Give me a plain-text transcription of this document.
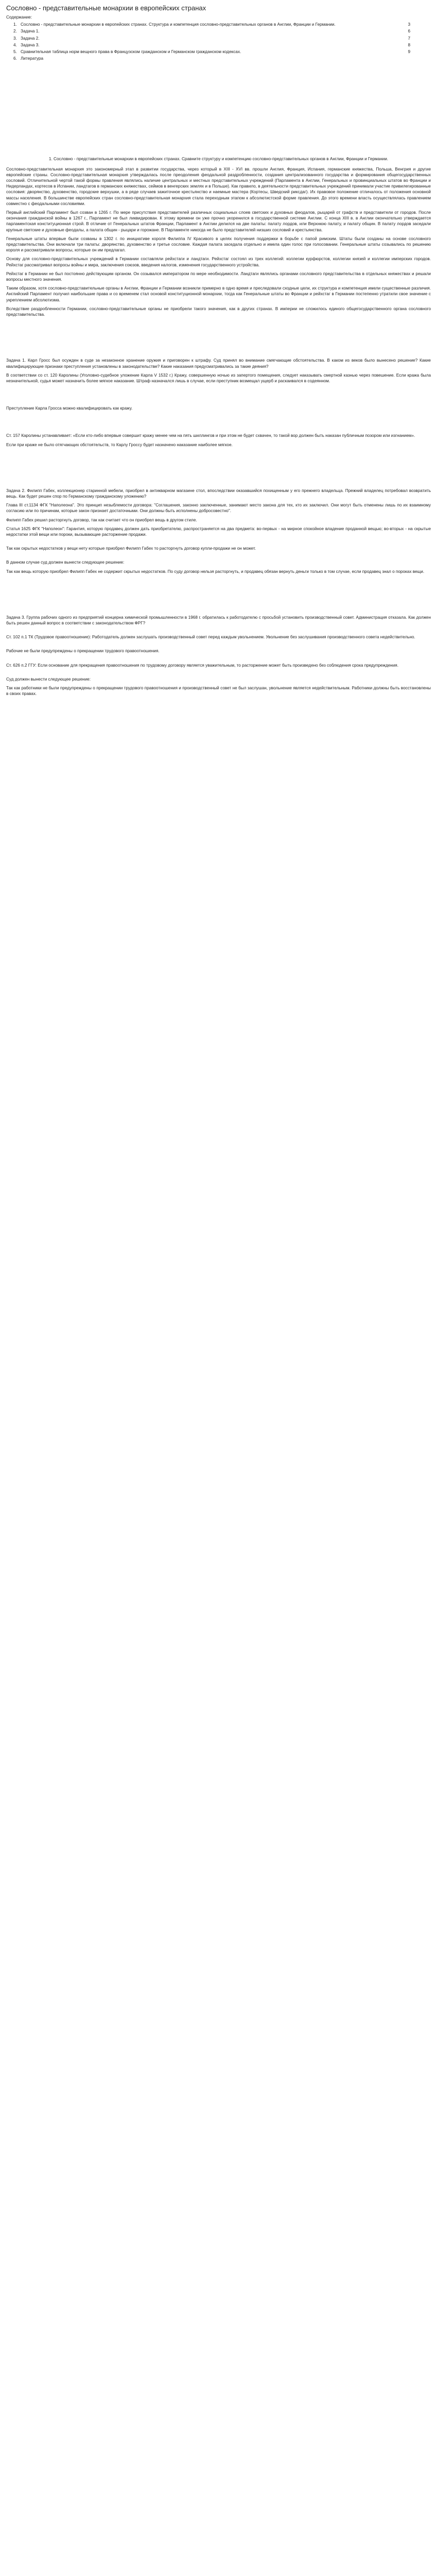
Сословно - представительные монархии в европейских странах
Содержание:
1. Сословно - представительные монархии в европейских странах. Структура и компетенция сословно-представительных органов в Англии, Франции и Германии.	3
2. Задача 1.	6
3. Задача 2.	7
4. Задача 3.	8
5. Сравнительная таблица норм вещного права в Французском гражданском и Германском гражданском кодексах.	9
6. Литература
1. Сословно - представительные монархии в европейских странах. Сравните структуру и компетенцию сословно-представительных органов в Англии, Франции и Германии.
Сословно-представительная монархия это закономерный этап в развитии государства, через который в XIII - XVI вв. прошли Англия, Франция, Испания, германские княжества, Польша, Венгрия и другие европейские страны. Сословно-представительная монархия утверждалась после преодоления феодальной раздробленности, создания централизованного государства и формирования общегосударственных сословий. Отличительной чертой такой формы правления являлись наличие центральных и местных представительных учреждений (Парламента в Англии, Генеральных и провинциальных штатов во Франции и Нидерландах, кортесов в Испании, ландтагов в германских княжествах, сеймов в венгерских землях и в Польше). Как правило, в деятельности представительных учреждений принимали участие привилегированные сословия: дворянство, духовенство, городские верхушки, а в ряде случаев зажиточное крестьянство и наемные мастера (Кортесы, Шведский риксдаг). Их правовое положение отличалось от положения основной массы населения. В большинстве европейских стран сословно-представительная монархия стала переходным этапом к абсолютистской форме правления. До этого времени власть осуществлялась правлением совместно с феодальными сословиями.
Первый английский Парламент был созван в 1265 г. По мере присутствия представителей различных социальных слоев светских и духовных феодалов, рыцарей от графств и представители от городов. После окончания гражданской войны в 1267 г., Парламент не был ликвидирован. К этому времени он уже прочно укоренился в государственной системе Англии. С конца XIII в. в Англии окончательно утверждается парламентская конституционная строй. В отличие от Генеральных штатов Франции, Парламент в Англии делился на две палаты: палату лордов, или Верхнюю палату, и палату общин. В палату лордов заседали крупные светские и духовные феодалы, а палата общин - рыцари и горожане. В Парламенте никогда не было представителей низших сословий и крестьянства.
Генеральные штаты впервые были созваны в 1302 г. по инициативе короля Филиппа IV Красивого в целях получения поддержки в борьбе с папой римским. Штаты были созданы на основе сословного представительства. Они включали три палаты: дворянство, духовенство и третье сословие. Каждая палата заседала отдельно и имела один голос при голосовании. Генеральные штаты созывались по решению короля и рассматривали вопросы, которые он им предлагал.
Основу для сословно-представительных учреждений в Германии составляли рейхстаги и ландтаги. Рейхстаг состоял из трех коллегий: коллегии курфюрстов, коллегии князей и коллегии имперских городов. Рейхстаг рассматривал вопросы войны и мира, заключения союзов, введения налогов, изменения государственного устройства.
Рейхстаг в Германии не был постоянно действующим органом. Он созывался императором по мере необходимости. Ландтаги являлись органами сословного представительства в отдельных княжествах и решали вопросы местного значения.
Таким образом, хотя сословно-представительные органы в Англии, Франции и Германии возникли примерно в одно время и преследовали сходные цели, их структура и компетенция имели существенные различия. Английский Парламент получил наибольшие права и со временем стал основой конституционной монархии, тогда как Генеральные штаты во Франции и рейхстаг в Германии постепенно утратили свое значение с укреплением абсолютизма.
Вследствие раздробленности Германии, сословно-представительные органы не приобрели такого значения, как в других странах. В империи не сложилось единого общегосударственного органа сословного представительства.
Задача 1. Карл Гросс был осужден в суде за незаконное хранение оружия и приговорен к штрафу. Суд принял во внимание смягчающие обстоятельства. В каком из веков было вынесено решение? Какие квалифицирующие признаки преступления установлены в законодательстве? Какие наказания предусматривались за такие деяния?
В соответствии со ст. 120 Каролины (Уголовно-судебное уложение Карла V 1532 г.) Кражу, совершенную ночью из запертого помещения, следует наказывать смертной казнью через повешение. Если кража была незначительной, судья может назначить более мягкое наказание. Штраф назначался лишь в случае, если преступник возмещал ущерб и раскаивался в содеянном.
Преступление Карла Гросса можно квалифицировать как кражу.
Ст. 157 Каролины устанавливает: «Если кто-либо впервые совершит кражу менее чем на пять шиллингов и при этом не будет схвачен, то такой вор должен быть наказан публичным позором или изгнанием».
Если при краже не было отягчающих обстоятельств, то Карлу Гроссу будет назначено наказание наиболее мягкое.
Задача 2. Филипп Габех, коллекционер старинной мебели, приобрел в антикварном магазине стол, впоследствии оказавшийся похищенным у его прежнего владельца. Прежний владелец потребовал возвратить вещь. Как будет решен спор по Германскому гражданскому уложению?
Глава III ст.1134 ФГК "Наполеона". Это принцип незыблемости договора: "Соглашения, законно заключенные, занимают место закона для тех, кто их заключил. Они могут быть отменены лишь по их взаимному согласию или по причинам, которые закон признает достаточными. Они должны быть исполнены добросовестно".
Филипп Габех решил расторгнуть договор, так как считает что он приобрел вещь в другом стиле.
Статья 1625 ФГК "Наполеон": Гарантия, которую продавец должен дать приобретателю, распространяется на два предмета: во-первых - на мирное спокойное владение проданной вещью; во-вторых - на скрытые недостатки этой вещи или пороки, вызывающие расторжение продажи.
Так как скрытых недостатков у вещи нету которые приобрел Филипп Габех то расторгнуть договор купли-продажи не он может.
В данном случае суд должен вынести следующее решение:
Так как вещь которую приобрел Филипп Габех не содержит скрытых недостатков. По суду договор нельзя расторгнуть, и продавец обязан вернуть деньги только в том случае, если продавец знал о пороках вещи.
Задача 3. Группа рабочих одного из предприятий концерна химической промышленности в 1968 г. обратилась к работодателю с просьбой установить производственный совет. Администрация отказала. Как должен быть решен данный вопрос в соответствии с законодательством ФРГ?
Ст. 102 п.1 ТК (Трудовое правоотношение): Работодатель должен заслушать производственный совет перед каждым увольнением. Увольнение без заслушивания производственного совета недействительно.
Рабочие не были предупреждены о прекращении трудового правоотношения.
Ст. 626 п.2 ГГУ: Если основание для прекращения правоотношения по трудовому договору является уважительным, то расторжение может быть произведено без соблюдения срока предупреждения.
Суд должен вынести следующее решение:
Так как работники не были предупреждены о прекращении трудового правоотношения и производственный совет не был заслушан, увольнение является недействительным. Работники должны быть восстановлены в своих правах.
